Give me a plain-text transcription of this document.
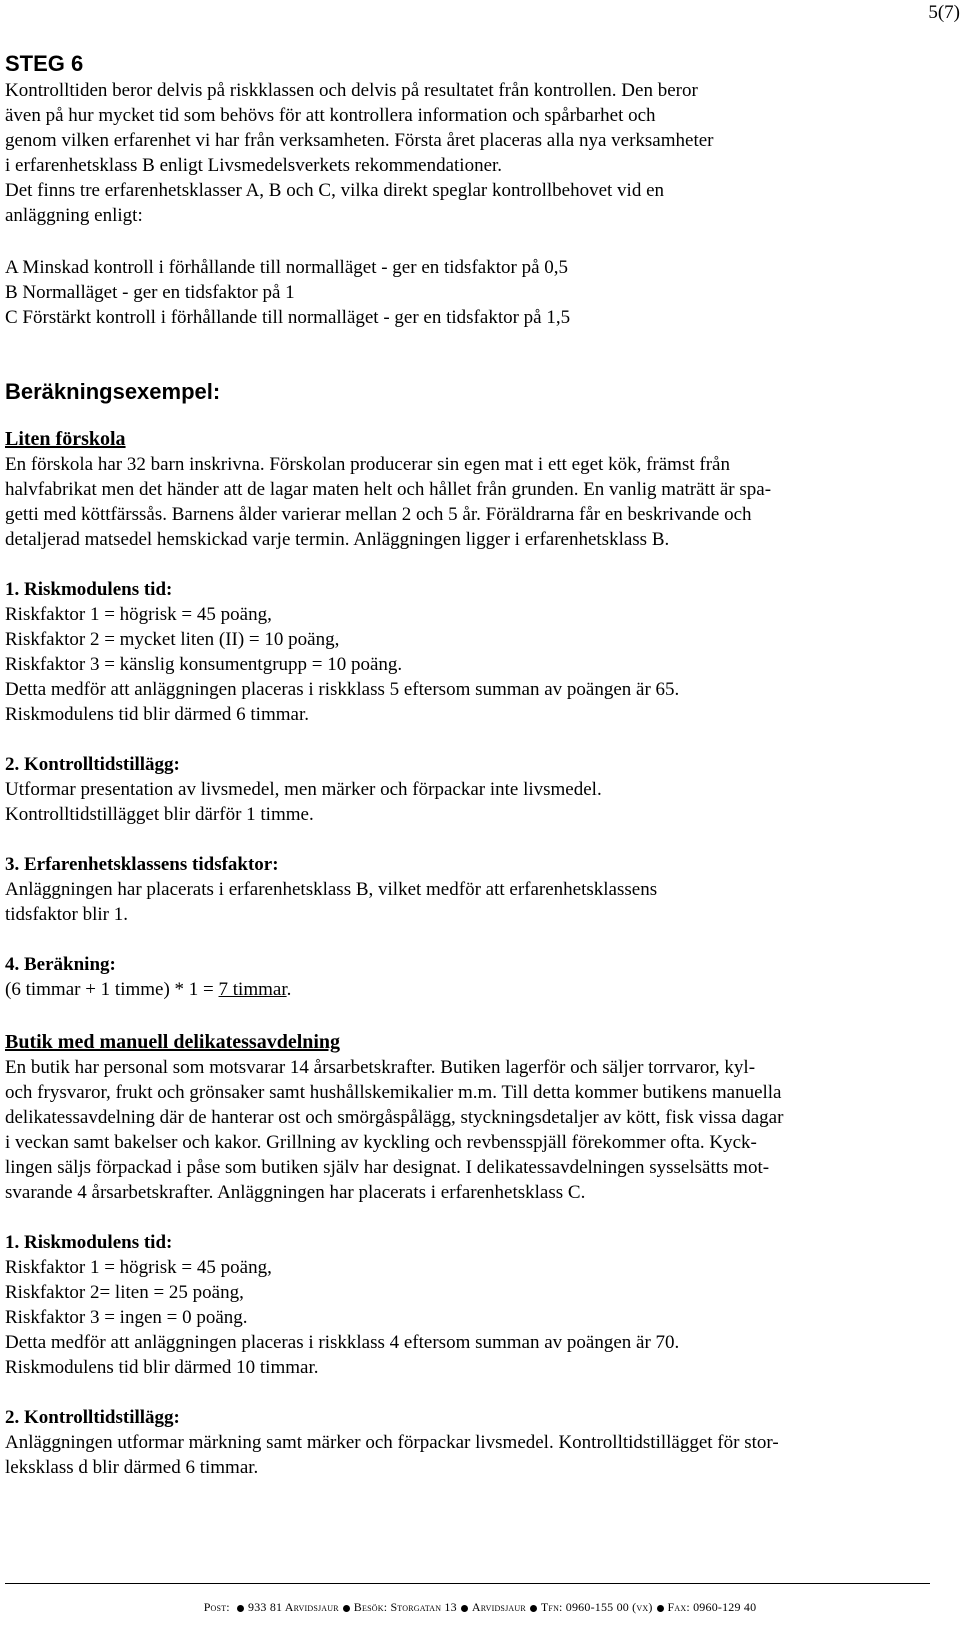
5(7)
STEG 6
Kontrolltiden beror delvis på riskklassen och delvis på resultatet från kontrollen. Den beror
även på hur mycket tid som behövs för att kontrollera information och spårbarhet och
genom vilken erfarenhet vi har från verksamheten. Första året placeras alla nya verksamheter
i erfarenhetsklass B enligt Livsmedelsverkets rekommendationer.
Det finns tre erfarenhetsklasser A, B och C, vilka direkt speglar kontrollbehovet vid en
anläggning enligt:
A Minskad kontroll i förhållande till normalläget - ger en tidsfaktor på 0,5
B Normalläget - ger en tidsfaktor på 1
C Förstärkt kontroll i förhållande till normalläget - ger en tidsfaktor på 1,5
Beräkningsexempel:
Liten förskola
En förskola har 32 barn inskrivna. Förskolan producerar sin egen mat i ett eget kök, främst från
halvfabrikat men det händer att de lagar maten helt och hållet från grunden. En vanlig maträtt är spa-
getti med köttfärssås. Barnens ålder varierar mellan 2 och 5 år. Föräldrarna får en beskrivande och
detaljerad matsedel hemskickad varje termin. Anläggningen ligger i erfarenhetsklass B.
1. Riskmodulens tid:
Riskfaktor 1 = högrisk = 45 poäng,
Riskfaktor 2 = mycket liten (II) = 10 poäng,
Riskfaktor 3 = känslig konsumentgrupp = 10 poäng.
Detta medför att anläggningen placeras i riskklass 5 eftersom summan av poängen är 65.
Riskmodulens tid blir därmed 6 timmar.
2. Kontrolltidstillägg:
Utformar presentation av livsmedel, men märker och förpackar inte livsmedel.
Kontrolltidstillägget blir därför 1 timme.
3. Erfarenhetsklassens tidsfaktor:
Anläggningen har placerats i erfarenhetsklass B, vilket medför att erfarenhetsklassens
tidsfaktor blir 1.
4. Beräkning:
(6 timmar + 1 timme) * 1 = 7 timmar.
Butik med manuell delikatessavdelning
En butik har personal som motsvarar 14 årsarbetskrafter. Butiken lagerför och säljer torrvaror, kyl-
och frysvaror, frukt och grönsaker samt hushållskemikalier m.m. Till detta kommer butikens manuella
delikatessavdelning där de hanterar ost och smörgåspålägg, styckningsdetaljer av kött, fisk vissa dagar
i veckan samt bakelser och kakor. Grillning av kyckling och revbensspjäll förekommer ofta. Kyck-
lingen säljs förpackad i påse som butiken själv har designat. I delikatessavdelningen sysselsätts mot-
svarande 4 årsarbetskrafter. Anläggningen har placerats i erfarenhetsklass C.
1. Riskmodulens tid:
Riskfaktor 1 = högrisk = 45 poäng,
Riskfaktor 2= liten = 25 poäng,
Riskfaktor 3 = ingen = 0 poäng.
Detta medför att anläggningen placeras i riskklass 4 eftersom summan av poängen är 70.
Riskmodulens tid blir därmed 10 timmar.
2. Kontrolltidstillägg:
Anläggningen utformar märkning samt märker och förpackar livsmedel. Kontrolltidstillägget för stor-
leksklass d blir därmed 6 timmar.
Post: 933 81 Arvidsjaur Besök: Storgatan 13 Arvidsjaur Tfn: 0960-155 00 (vx) Fax: 0960-129 40
